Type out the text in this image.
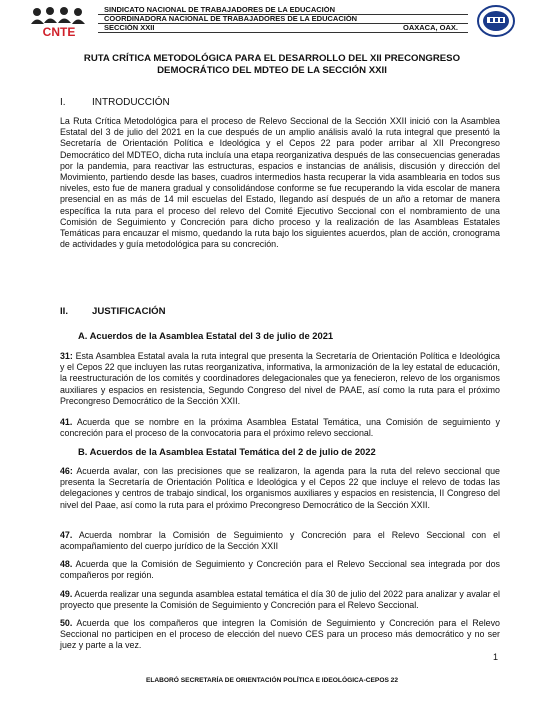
CNTE
SINDICATO NACIONAL DE TRABAJADORES DE LA EDUCACIÓN
COORDINADORA NACIONAL DE TRABAJADORES DE LA EDUCACIÓN
SECCIÓN XXII	OAXACA, OAX.
RUTA CRÍTICA METODOLÓGICA PARA EL DESARROLLO DEL XII PRECONGRESO
DEMOCRÁTICO DEL MDTEO DE LA SECCIÓN XXII
I.	INTRODUCCIÓN
La Ruta Crítica Metodológica para el proceso de Relevo Seccional de la Sección XXII inició con la Asamblea Estatal del 3 de julio del 2021 en la cue después de un amplio análisis avaló la ruta integral que presentó la Secretaría de Orientación Política e Ideológica y el Cepos 22 para poder arribar al XII Precongreso Democrático del MDTEO, dicha ruta incluía una etapa reorganizativa después de las consecuencias generadas por la pandemia, para reactivar las estructuras, espacios e instancias de análisis, discusión y dirección del Movimiento, partiendo desde las bases, cuadros intermedios hasta recuperar la vida asamblearia en todos sus niveles, esto fue de manera gradual y consolidándose conforme se fue recuperando la vida escolar de manera presencial en as más de 14 mil escuelas del Estado, llegando así después de un año a retomar de manera específica la ruta para el proceso del relevo del Comité Ejecutivo Seccional con el nombramiento de una Comisión de Seguimiento y Concreción para dicho proceso y la realización de las Asambleas Estatales Temáticas para encauzar el mismo, quedando la ruta bajo los siguientes acuerdos, plan de acción, cronograma de actividades y guía metodológica para su concreción.
II.	JUSTIFICACIÓN
A. Acuerdos de la Asamblea Estatal del 3 de julio de 2021
31: Esta Asamblea Estatal avala la ruta integral que presenta la Secretaría de Orientación Política e Ideológica y el Cepos 22 que incluyen las rutas reorganizativa, informativa, la armonización de la ley estatal de educación, la reestructuración de los comités y coordinadores delegacionales que ya fenecieron, relevo de los organismos auxiliares y espacios en resistencia, Segundo Congreso del nivel de PAAE, así como la ruta para el próximo Precongreso Democrático de la Sección XXII.
41. Acuerda que se nombre en la próxima Asamblea Estatal Temática, una Comisión de seguimiento y concreción para el proceso de la convocatoria para el próximo relevo seccional.
B. Acuerdos de la Asamblea Estatal Temática del 2 de julio de 2022
46: Acuerda avalar, con las precisiones que se realizaron, la agenda para la ruta del relevo seccional que presenta la Secretaría de Orientación Política e Ideológica y el Cepos 22 que incluye el relevo de todas las delegaciones y centros de trabajo sindical, los organismos auxiliares y espacios en resistencia, II Congreso del nivel del Paae, así como la ruta para el próximo Precongreso Democrático de la Sección XXII.
47. Acuerda nombrar la Comisión de Seguimiento y Concreción para el Relevo Seccional con el acompañamiento del cuerpo jurídico de la Sección XXII
48. Acuerda que la Comisión de Seguimiento y Concreción para el Relevo Seccional sea integrada por dos compañeros por región.
49. Acuerda realizar una segunda asamblea estatal temática el día 30 de julio del 2022 para analizar y avalar el proyecto que presente la Comisión de Seguimiento y Concreción para el Relevo Seccional.
50. Acuerda que los compañeros que integren la Comisión de Seguimiento y Concreción para el Relevo Seccional no participen en el proceso de elección del nuevo CES para un proceso más democrático y no ser juez y parte a la vez.
1
ELABORÓ SECRETARÍA DE ORIENTACIÓN POLÍTICA E IDEOLÓGICA-CEPOS 22
